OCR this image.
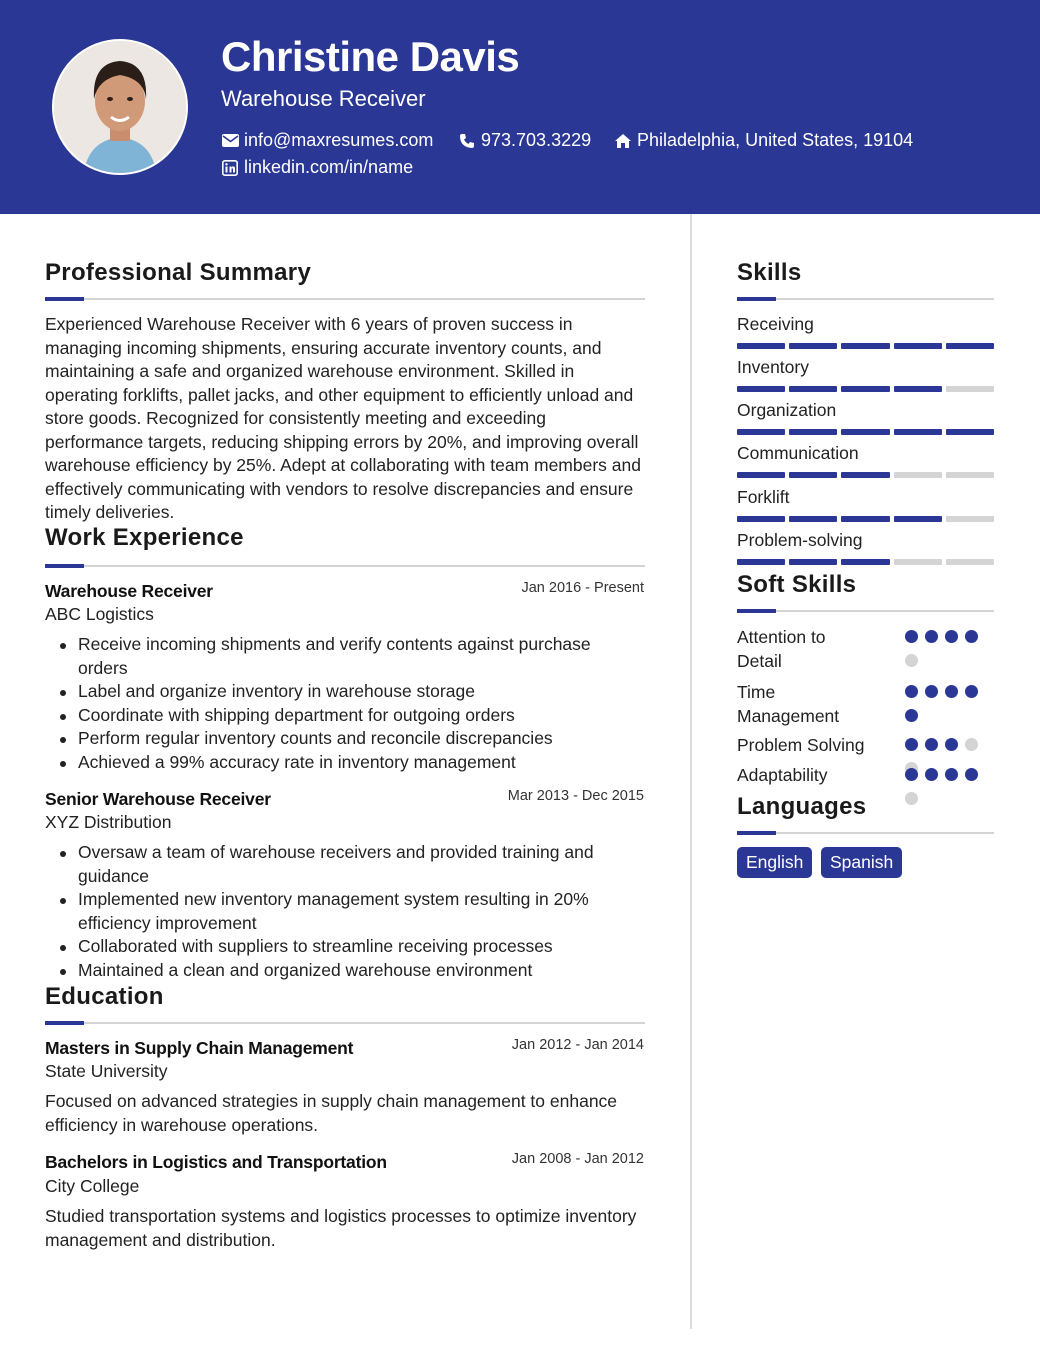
Christine Davis
Warehouse Receiver
info@maxresumes.com	973.703.3229	Philadelphia, United States, 19104
linkedin.com/in/name
Professional Summary
Experienced Warehouse Receiver with 6 years of proven success in managing incoming shipments, ensuring accurate inventory counts, and maintaining a safe and organized warehouse environment. Skilled in operating forklifts, pallet jacks, and other equipment to efficiently unload and store goods. Recognized for consistently meeting and exceeding performance targets, reducing shipping errors by 20%, and improving overall warehouse efficiency by 25%. Adept at collaborating with team members and effectively communicating with vendors to resolve discrepancies and ensure timely deliveries.
Work Experience
Warehouse Receiver	Jan 2016 - Present
ABC Logistics
Receive incoming shipments and verify contents against purchase orders
Label and organize inventory in warehouse storage
Coordinate with shipping department for outgoing orders
Perform regular inventory counts and reconcile discrepancies
Achieved a 99% accuracy rate in inventory management
Senior Warehouse Receiver	Mar 2013 - Dec 2015
XYZ Distribution
Oversaw a team of warehouse receivers and provided training and guidance
Implemented new inventory management system resulting in 20% efficiency improvement
Collaborated with suppliers to streamline receiving processes
Maintained a clean and organized warehouse environment
Education
Masters in Supply Chain Management	Jan 2012 - Jan 2014
State University
Focused on advanced strategies in supply chain management to enhance efficiency in warehouse operations.
Bachelors in Logistics and Transportation	Jan 2008 - Jan 2012
City College
Studied transportation systems and logistics processes to optimize inventory management and distribution.
Skills
Receiving
Inventory
Organization
Communication
Forklift
Problem-solving
Soft Skills
Attention to Detail
Time Management
Problem Solving
Adaptability
Languages
English	Spanish
